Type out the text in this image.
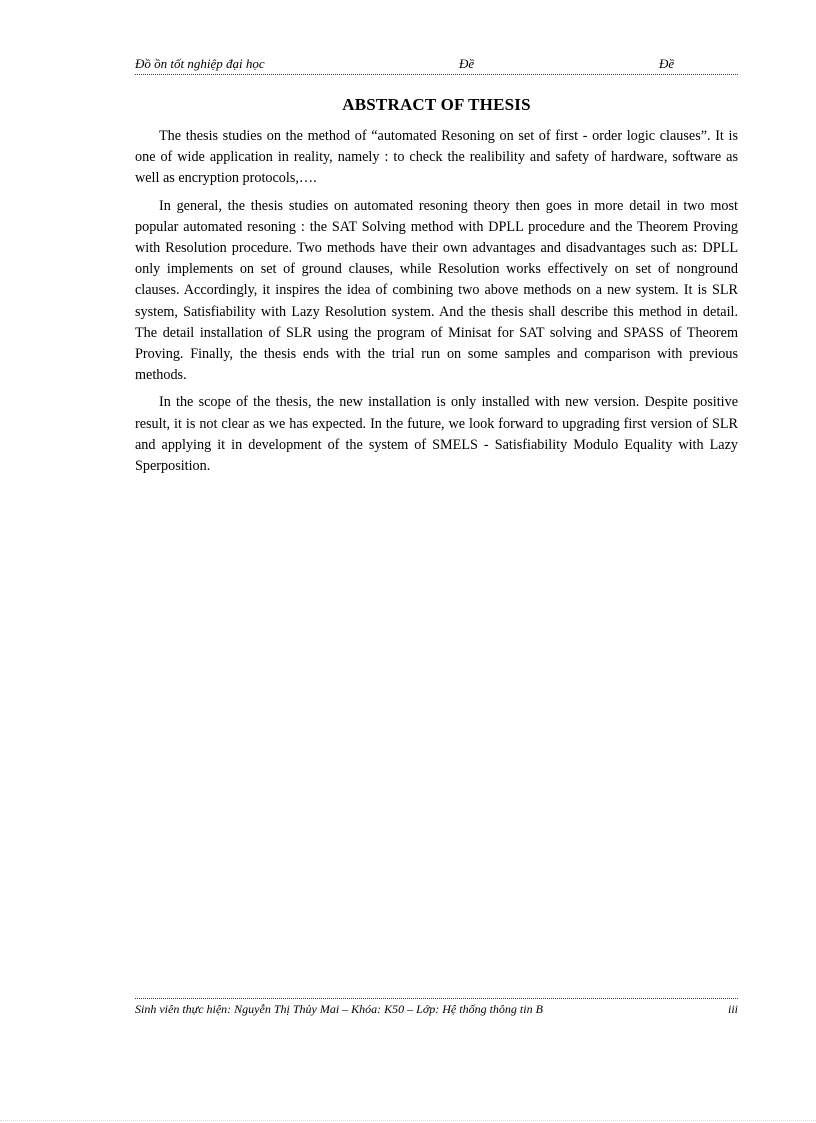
Đồ ồn tốt nghiệp đại học	Đề	Đề
ABSTRACT OF THESIS

The thesis studies on the method of “automated Resoning on set of first - order logic clauses”. It is one of wide application in reality, namely : to check the realibility and safety of hardware, software as well as encryption protocols,….

In general, the thesis studies on automated resoning theory then goes in more detail in two most popular automated resoning : the SAT Solving method with DPLL procedure and the Theorem Proving with Resolution procedure. Two methods have their own advantages and disadvantages such as: DPLL only implements on set of ground clauses, while Resolution works effectively on set of nonground clauses. Accordingly, it inspires the idea of combining two above methods on a new system. It is SLR system, Satisfiability with Lazy Resolution system. And the thesis shall describe this method in detail. The detail installation of SLR using the program of Minisat for SAT solving and SPASS of Theorem Proving. Finally, the thesis ends with the trial run on some samples and comparison with previous methods.

In the scope of the thesis, the new installation is only installed with new version. Despite positive result, it is not clear as we has expected. In the future, we look forward to upgrading first version of SLR and applying it in development of the system of SMELS - Satisfiability Modulo Equality with Lazy Sperposition.

Sinh viên thực hiện: Nguyễn Thị Thủy Mai – Khóa: K50 – Lớp: Hệ thống thông tin B	iii
